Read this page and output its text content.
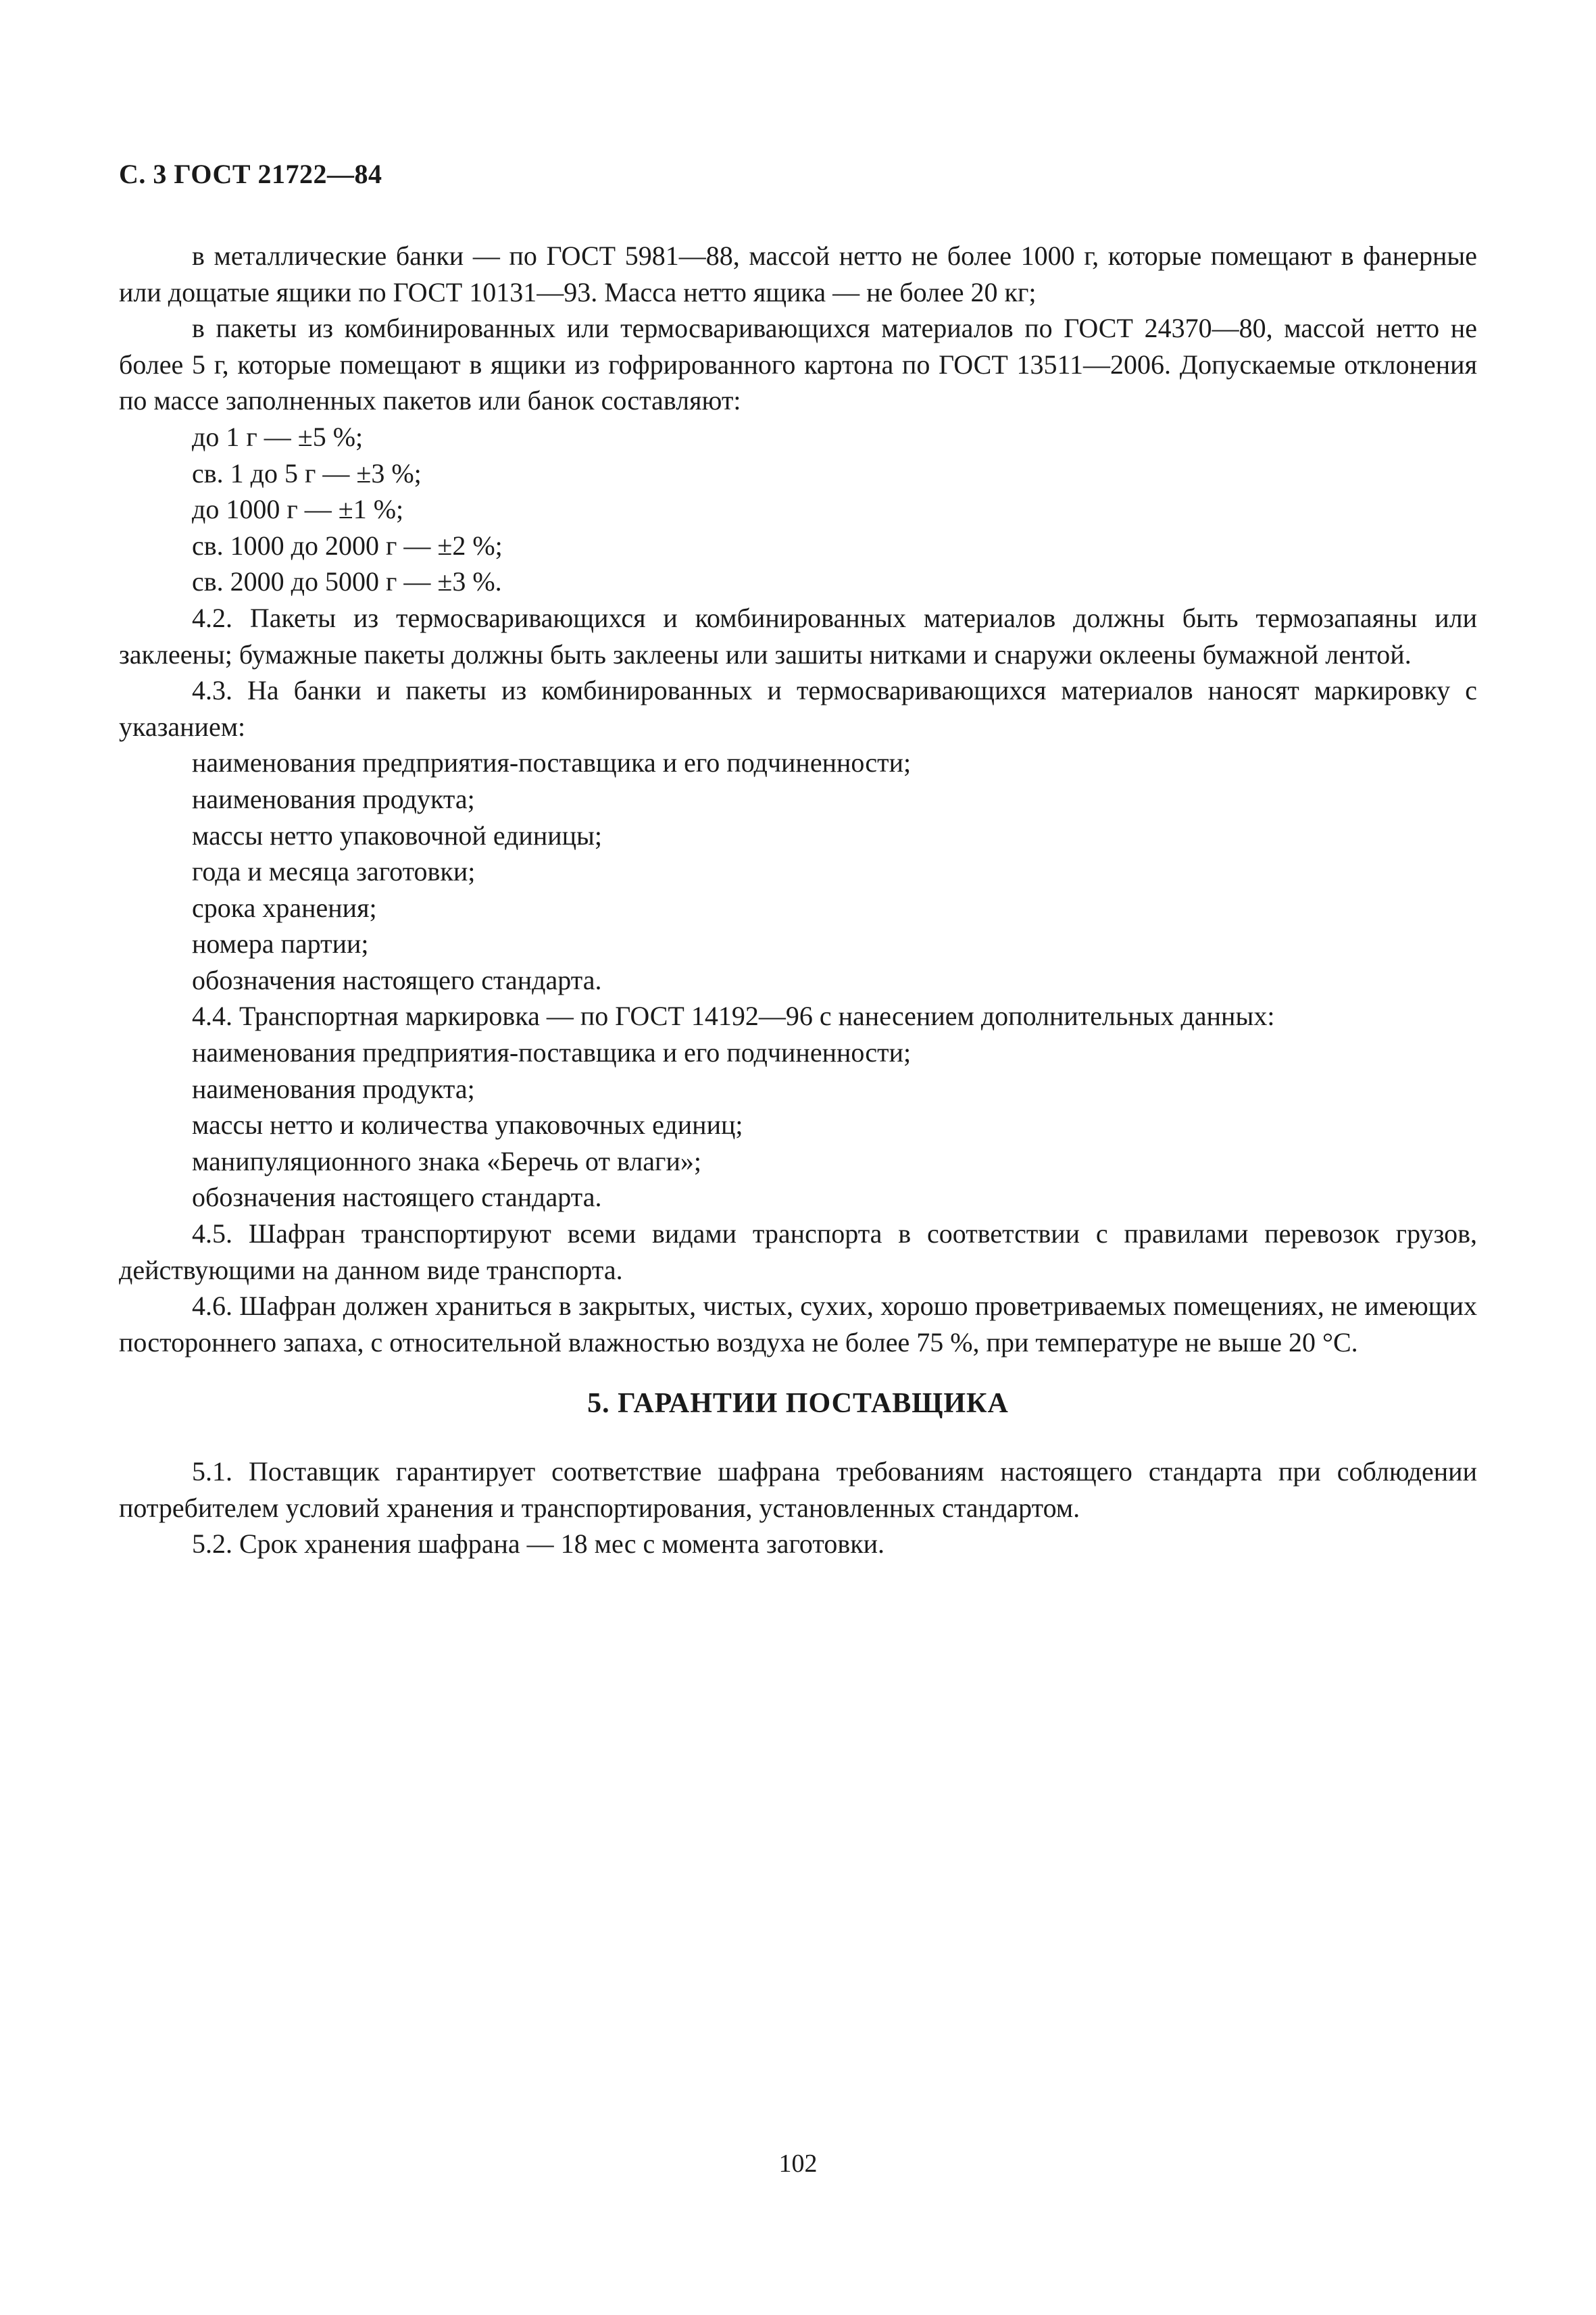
С. 3 ГОСТ 21722—84

в металлические банки — по ГОСТ 5981—88, массой нетто не более 1000 г, которые помещают в фанерные или дощатые ящики по ГОСТ 10131—93. Масса нетто ящика — не более 20 кг;

в пакеты из комбинированных или термосваривающихся материалов по ГОСТ 24370—80, массой нетто не более 5 г, которые помещают в ящики из гофрированного картона по ГОСТ 13511—2006. Допускаемые отклонения по массе заполненных пакетов или банок составляют:

до 1 г — ±5 %;

св. 1 до 5 г — ±3 %;

до 1000 г — ±1 %;

св. 1000 до 2000 г — ±2 %;

св. 2000 до 5000 г — ±3 %.

4.2. Пакеты из термосваривающихся и комбинированных материалов должны быть термозапаяны или заклеены; бумажные пакеты должны быть заклеены или зашиты нитками и снаружи оклеены бумажной лентой.

4.3. На банки и пакеты из комбинированных и термосваривающихся материалов наносят маркировку с указанием:

наименования предприятия-поставщика и его подчиненности;

наименования продукта;

массы нетто упаковочной единицы;

года и месяца заготовки;

срока хранения;

номера партии;

обозначения настоящего стандарта.

4.4. Транспортная маркировка — по ГОСТ 14192—96 с нанесением дополнительных данных:

наименования предприятия-поставщика и его подчиненности;

наименования продукта;

массы нетто и количества упаковочных единиц;

манипуляционного знака «Беречь от влаги»;

обозначения настоящего стандарта.

4.5. Шафран транспортируют всеми видами транспорта в соответствии с правилами перевозок грузов, действующими на данном виде транспорта.

4.6. Шафран должен храниться в закрытых, чистых, сухих, хорошо проветриваемых помещениях, не имеющих постороннего запаха, с относительной влажностью воздуха не более 75 %, при температуре не выше 20 °С.

5. ГАРАНТИИ ПОСТАВЩИКА

5.1. Поставщик гарантирует соответствие шафрана требованиям настоящего стандарта при соблюдении потребителем условий хранения и транспортирования, установленных стандартом.

5.2. Срок хранения шафрана — 18 мес с момента заготовки.

102
